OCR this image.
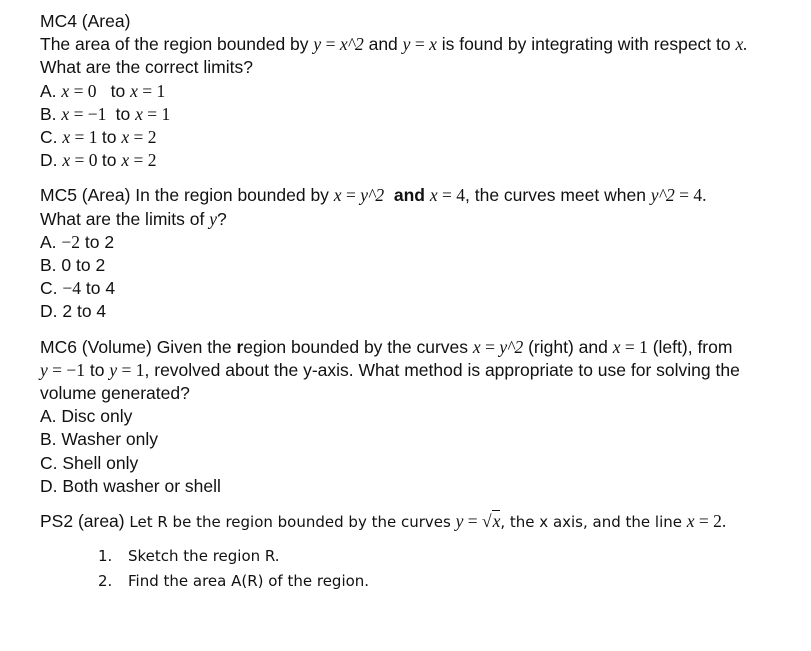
MC4 (Area)
The area of the region bounded by y = x^2 and y = x is found by integrating with respect to x.
What are the correct limits?
A. x = 0   to x = 1
B. x = −1  to x = 1
C. x = 1 to x = 2
D. x = 0 to x = 2
MC5 (Area) In the region bounded by x = y^2 and x = 4, the curves meet when y^2 = 4.
What are the limits of y?
A. −2 to 2
B. 0 to 2
C. −4 to 4
D. 2 to 4
MC6 (Volume) Given the region bounded by the curves x = y^2 (right) and x = 1 (left), from
y = −1 to y = 1, revolved about the y-axis. What method is appropriate to use for solving the
volume generated?
A. Disc only
B. Washer only
C. Shell only
D. Both washer or shell
PS2 (area) Let R be the region bounded by the curves y = √x, the x axis, and the line x = 2.
1. Sketch the region R.
2. Find the area A(R) of the region.
